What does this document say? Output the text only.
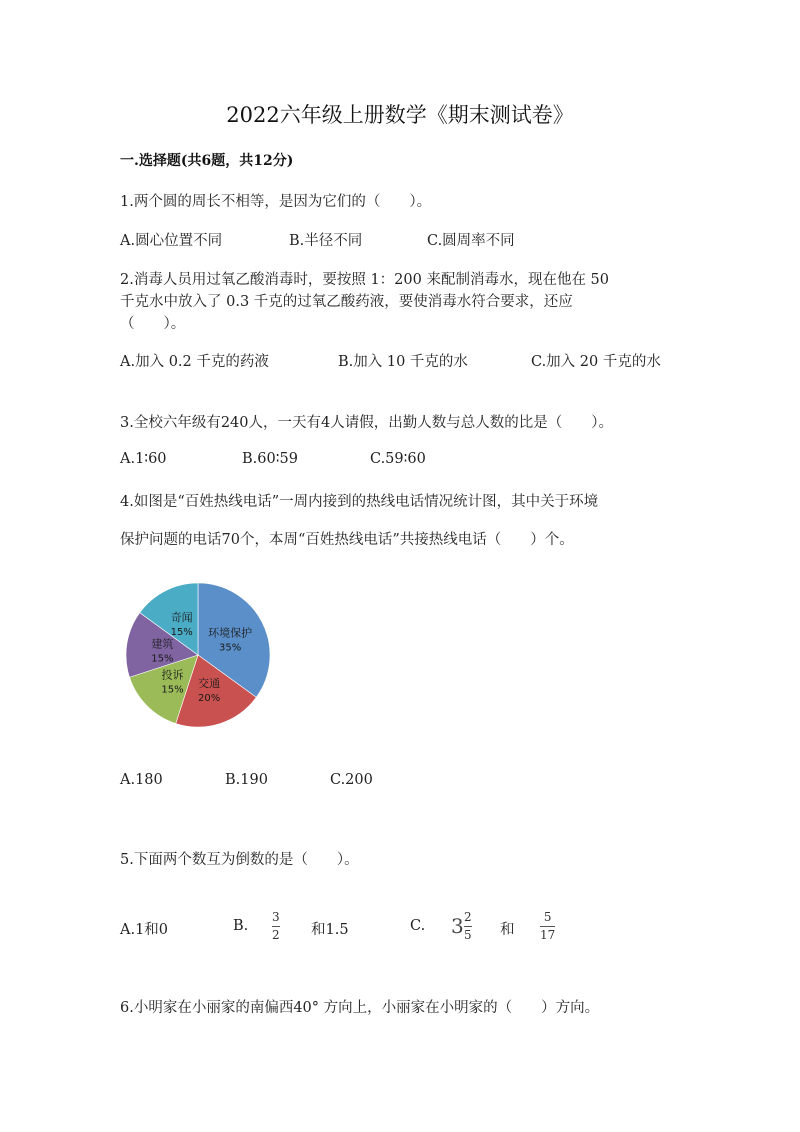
2022六年级上册数学《期末测试卷》
一.选择题(共6题，共12分)
1.两个圆的周长不相等，是因为它们的（　　）。
A.圆心位置不同	B.半径不同	C.圆周率不同
2.消毒人员用过氧乙酸消毒时，要按照 1：200 来配制消毒水，现在他在 50
千克水中放入了 0.3 千克的过氧乙酸药液，要使消毒水符合要求，还应
（　　）。
A.加入 0.2 千克的药液	B.加入 10 千克的水	C.加入 20 千克的水
3.全校六年级有240人，一天有4人请假，出勤人数与总人数的比是（　　）。
A.1∶60	B.60∶59	C.59∶60
4.如图是“百姓热线电话”一周内接到的热线电话情况统计图，其中关于环境
保护问题的电话70个，本周“百姓热线电话”共接热线电话（　　）个。
环境保护
35%
交通
20%
投诉
15%
建筑
15%
奇闻
15%
A.180	B.190	C.200
5.下面两个数互为倒数的是（　　）。
A.1和0	B.
3
2 和1.5	C. 3 2
5 和
5
17
6.小明家在小丽家的南偏西40° 方向上，小丽家在小明家的（　　）方向。
